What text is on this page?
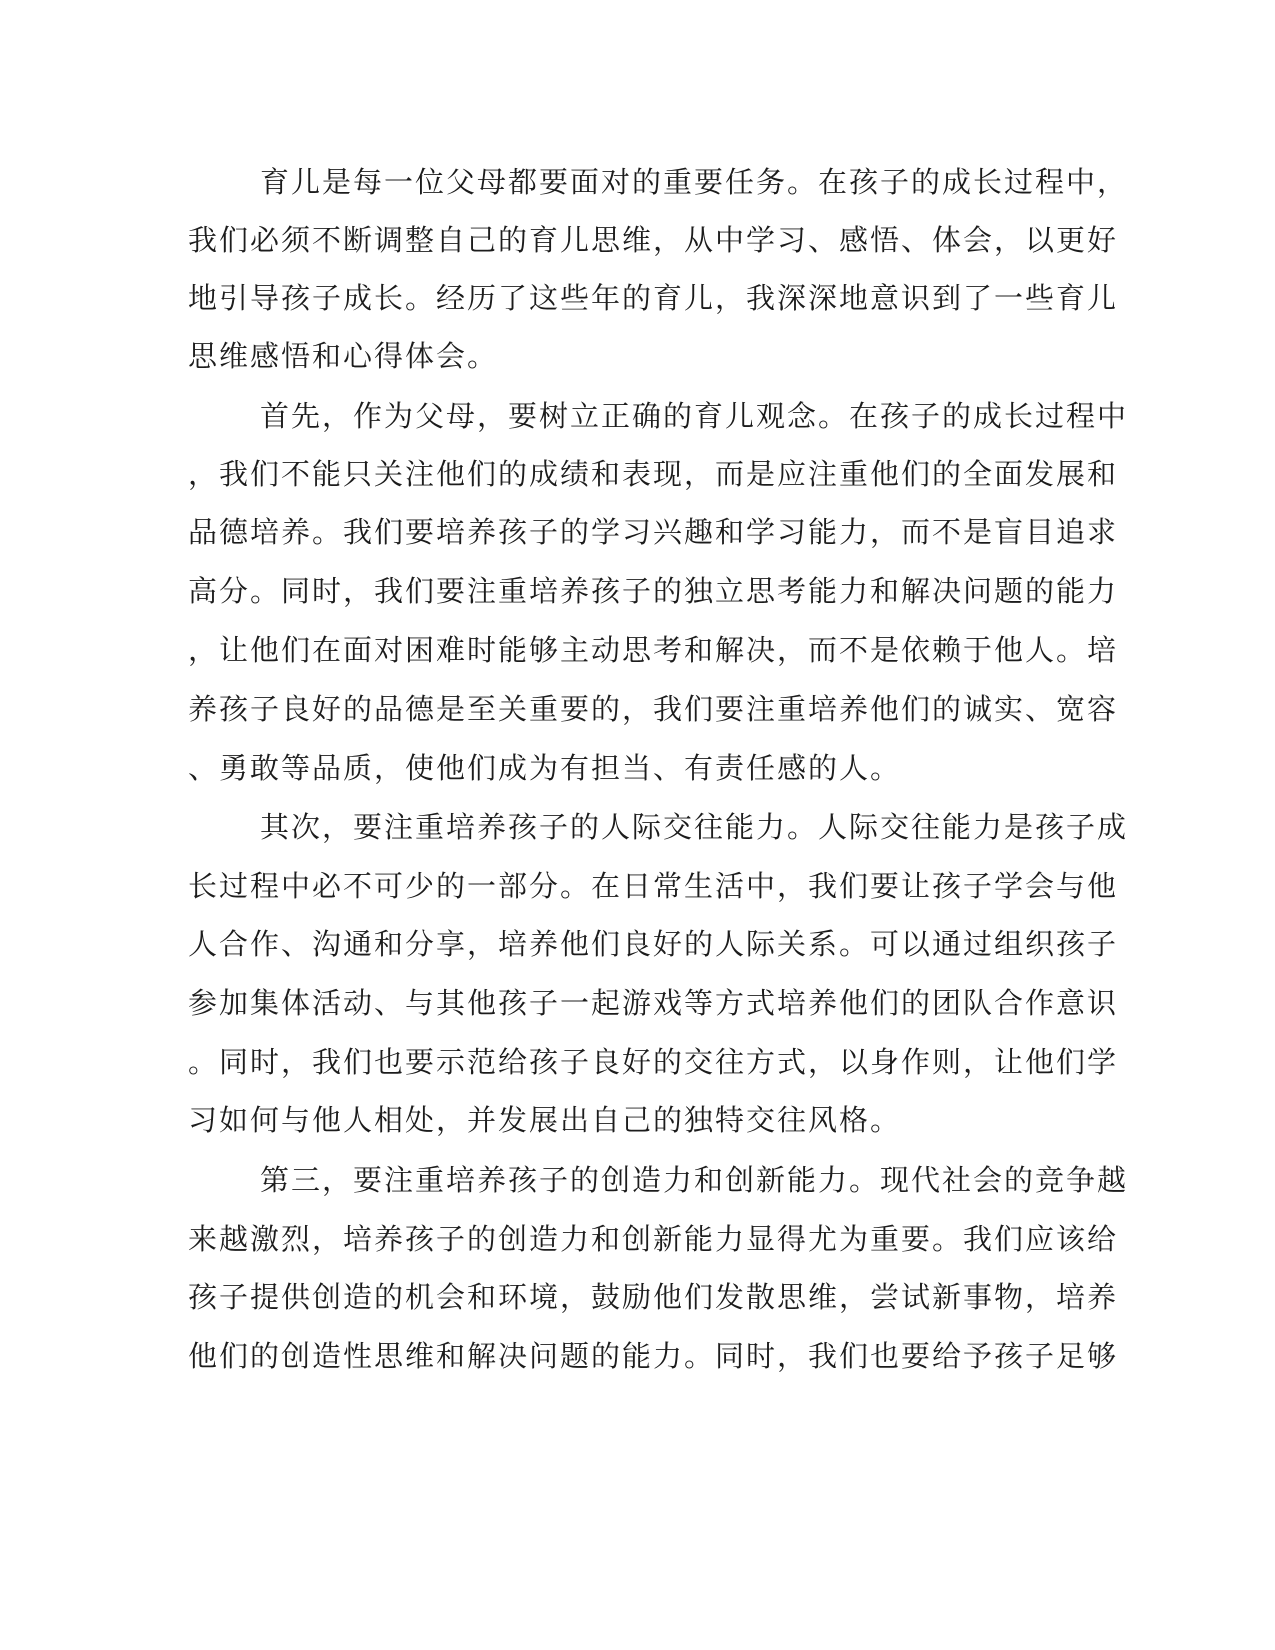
育儿是每一位父母都要面对的重要任务。在孩子的成长过程中，
我们必须不断调整自己的育儿思维，从中学习、感悟、体会，以更好
地引导孩子成长。经历了这些年的育儿，我深深地意识到了一些育儿
思维感悟和心得体会。
首先，作为父母，要树立正确的育儿观念。在孩子的成长过程中
，我们不能只关注他们的成绩和表现，而是应注重他们的全面发展和
品德培养。我们要培养孩子的学习兴趣和学习能力，而不是盲目追求
高分。同时，我们要注重培养孩子的独立思考能力和解决问题的能力
，让他们在面对困难时能够主动思考和解决，而不是依赖于他人。培
养孩子良好的品德是至关重要的，我们要注重培养他们的诚实、宽容
、勇敢等品质，使他们成为有担当、有责任感的人。
其次，要注重培养孩子的人际交往能力。人际交往能力是孩子成
长过程中必不可少的一部分。在日常生活中，我们要让孩子学会与他
人合作、沟通和分享，培养他们良好的人际关系。可以通过组织孩子
参加集体活动、与其他孩子一起游戏等方式培养他们的团队合作意识
。同时，我们也要示范给孩子良好的交往方式，以身作则，让他们学
习如何与他人相处，并发展出自己的独特交往风格。
第三，要注重培养孩子的创造力和创新能力。现代社会的竞争越
来越激烈，培养孩子的创造力和创新能力显得尤为重要。我们应该给
孩子提供创造的机会和环境，鼓励他们发散思维，尝试新事物，培养
他们的创造性思维和解决问题的能力。同时，我们也要给予孩子足够
